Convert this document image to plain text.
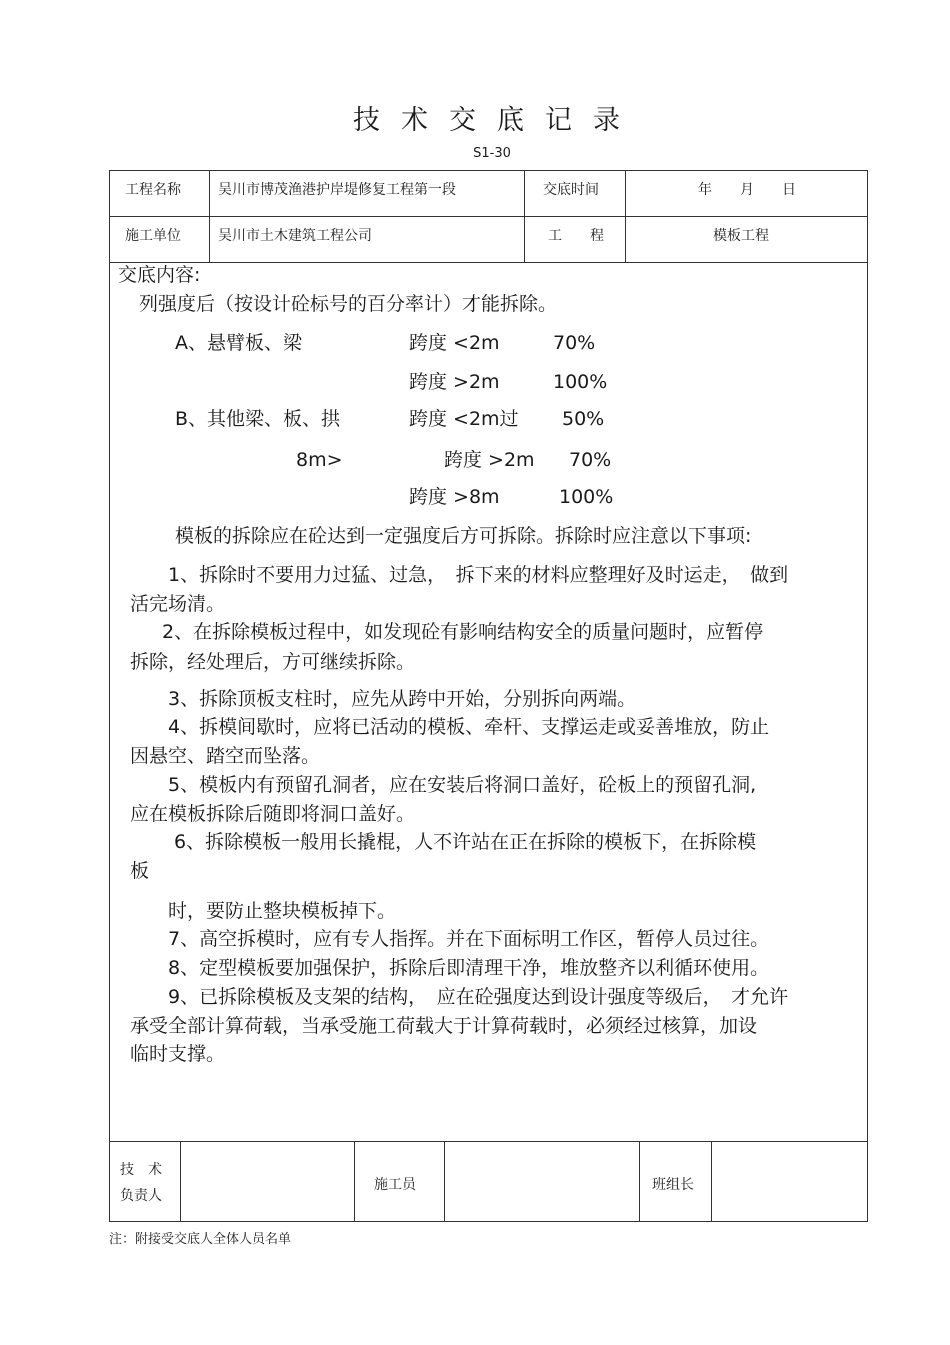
技术交底记录
S1-30
工程名称	吴川市博茂渔港护岸堤修复工程第一段	交底时间	年　　月　　日
施工单位	吴川市土木建筑工程公司	工　　程	模板工程
交底内容:
列强度后（按设计砼标号的百分率计）才能拆除。
A、悬臂板、梁	跨度 <2m	70%
跨度 >2m	100%
B、其他梁、板、拱	跨度 <2m过 50%
8m>	跨度 >2m 70%
跨度 >8m	100%
模板的拆除应在砼达到一定强度后方可拆除。拆除时应注意以下事项:
1、拆除时不要用力过猛、过急，　拆下来的材料应整理好及时运走，　做到
活完场清。
2、在拆除模板过程中，如发现砼有影响结构安全的质量问题时，应暂停
拆除，经处理后，方可继续拆除。
3、拆除顶板支柱时，应先从跨中开始，分别拆向两端。
4、拆模间歇时，应将已活动的模板、牵杆、支撑运走或妥善堆放，防止
因悬空、踏空而坠落。
5、模板内有预留孔洞者，应在安装后将洞口盖好，砼板上的预留孔洞,
应在模板拆除后随即将洞口盖好。
6、拆除模板一般用长撬棍，人不许站在正在拆除的模板下，在拆除模
板
时，要防止整块模板掉下。
7、高空拆模时，应有专人指挥。并在下面标明工作区，暂停人员过往。
8、定型模板要加强保护，拆除后即清理干净，堆放整齐以利循环使用。
9、已拆除模板及支架的结构，　应在砼强度达到设计强度等级后，　才允许
承受全部计算荷载，当承受施工荷载大于计算荷载时，必须经过核算，加设
临时支撑。
技　术
负责人
施工员	班组长
注：附接受交底人全体人员名单
